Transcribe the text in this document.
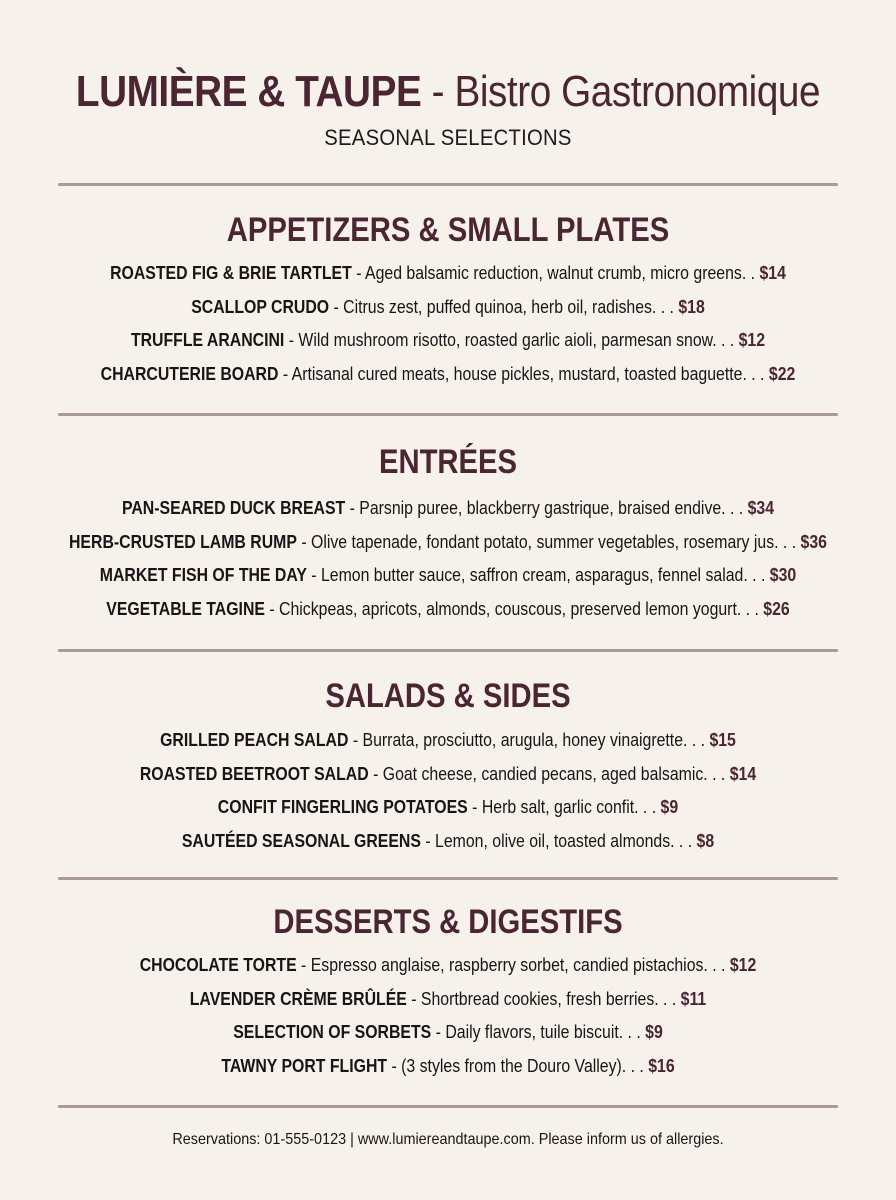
LUMIÈRE & TAUPE - Bistro Gastronomique
SEASONAL SELECTIONS
APPETIZERS & SMALL PLATES
ROASTED FIG & BRIE TARTLET - Aged balsamic reduction, walnut crumb, micro greens. . $14
SCALLOP CRUDO - Citrus zest, puffed quinoa, herb oil, radishes. . . $18
TRUFFLE ARANCINI - Wild mushroom risotto, roasted garlic aioli, parmesan snow. . . $12
CHARCUTERIE BOARD - Artisanal cured meats, house pickles, mustard, toasted baguette. . . $22
ENTRÉES
PAN-SEARED DUCK BREAST - Parsnip puree, blackberry gastrique, braised endive. . . $34
HERB-CRUSTED LAMB RUMP - Olive tapenade, fondant potato, summer vegetables, rosemary jus. . . $36
MARKET FISH OF THE DAY - Lemon butter sauce, saffron cream, asparagus, fennel salad. . . $30
VEGETABLE TAGINE - Chickpeas, apricots, almonds, couscous, preserved lemon yogurt. . . $26
SALADS & SIDES
GRILLED PEACH SALAD - Burrata, prosciutto, arugula, honey vinaigrette. . . $15
ROASTED BEETROOT SALAD - Goat cheese, candied pecans, aged balsamic. . . $14
CONFIT FINGERLING POTATOES - Herb salt, garlic confit. . . $9
SAUTÉED SEASONAL GREENS - Lemon, olive oil, toasted almonds. . . $8
DESSERTS & DIGESTIFS
CHOCOLATE TORTE - Espresso anglaise, raspberry sorbet, candied pistachios. . . $12
LAVENDER CRÈME BRÛLÉE - Shortbread cookies, fresh berries. . . $11
SELECTION OF SORBETS - Daily flavors, tuile biscuit. . . $9
TAWNY PORT FLIGHT - (3 styles from the Douro Valley). . . $16
Reservations: 01-555-0123 | www.lumiereandtaupe.com. Please inform us of allergies.
